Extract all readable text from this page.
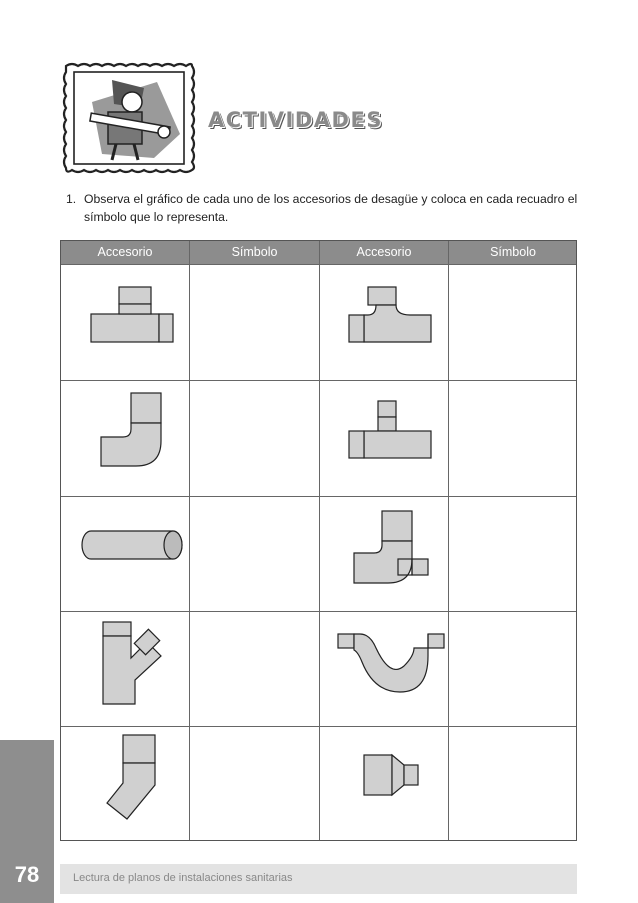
ACTIVIDADES
1. Observa el gráfico de cada uno de los accesorios de desagüe y coloca en cada recuadro el símbolo que lo representa.
Accesorio	Símbolo	Accesorio	Símbolo
78	Lectura de planos de instalaciones sanitarias
